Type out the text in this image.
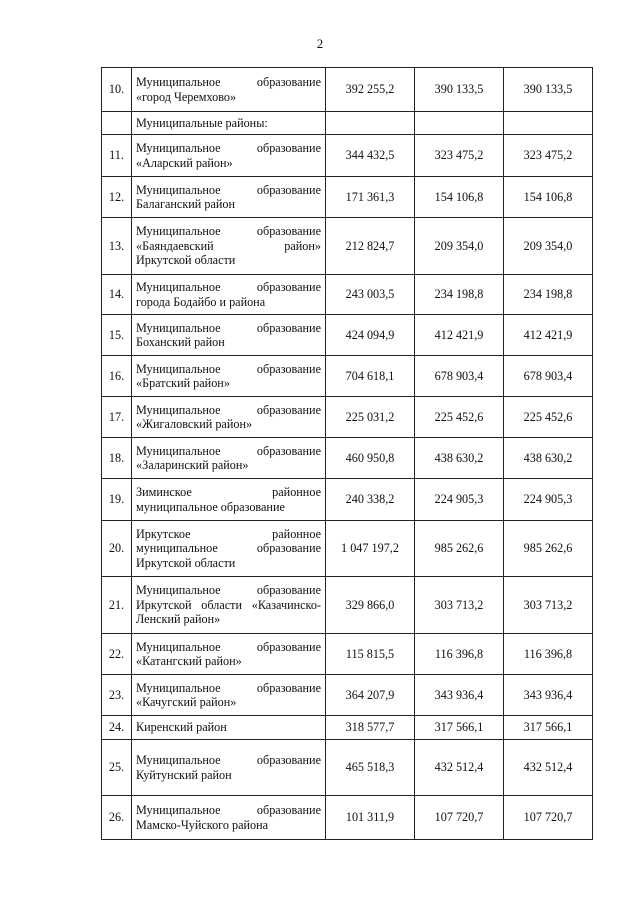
2
10.	Муниципальное образование
«город Черемхово»	392 255,2	390 133,5	390 133,5
	Муниципальные районы:			
11.	Муниципальное образование
«Аларский район»	344 432,5	323 475,2	323 475,2
12.	Муниципальное образование
Балаганский район	171 361,3	154 106,8	154 106,8
13.	Муниципальное образование
«Баяндаевский район»
Иркутской области	212 824,7	209 354,0	209 354,0
14.	Муниципальное образование
города Бодайбо и района	243 003,5	234 198,8	234 198,8
15.	Муниципальное образование
Боханский район	424 094,9	412 421,9	412 421,9
16.	Муниципальное образование
«Братский район»	704 618,1	678 903,4	678 903,4
17.	Муниципальное образование
«Жигаловский район»	225 031,2	225 452,6	225 452,6
18.	Муниципальное образование
«Заларинский район»	460 950,8	438 630,2	438 630,2
19.	Зиминское районное
муниципальное образование	240 338,2	224 905,3	224 905,3
20.	Иркутское районное
муниципальное образование
Иркутской области	1 047 197,2	985 262,6	985 262,6
21.	Муниципальное образование
Иркутской области «Казачинско-
Ленский район»	329 866,0	303 713,2	303 713,2
22.	Муниципальное образование
«Катангский район»	115 815,5	116 396,8	116 396,8
23.	Муниципальное образование
«Качугский район»	364 207,9	343 936,4	343 936,4
24.	Киренский район	318 577,7	317 566,1	317 566,1
25.	Муниципальное образование
Куйтунский район	465 518,3	432 512,4	432 512,4
26.	Муниципальное образование
Мамско-Чуйского района	101 311,9	107 720,7	107 720,7
